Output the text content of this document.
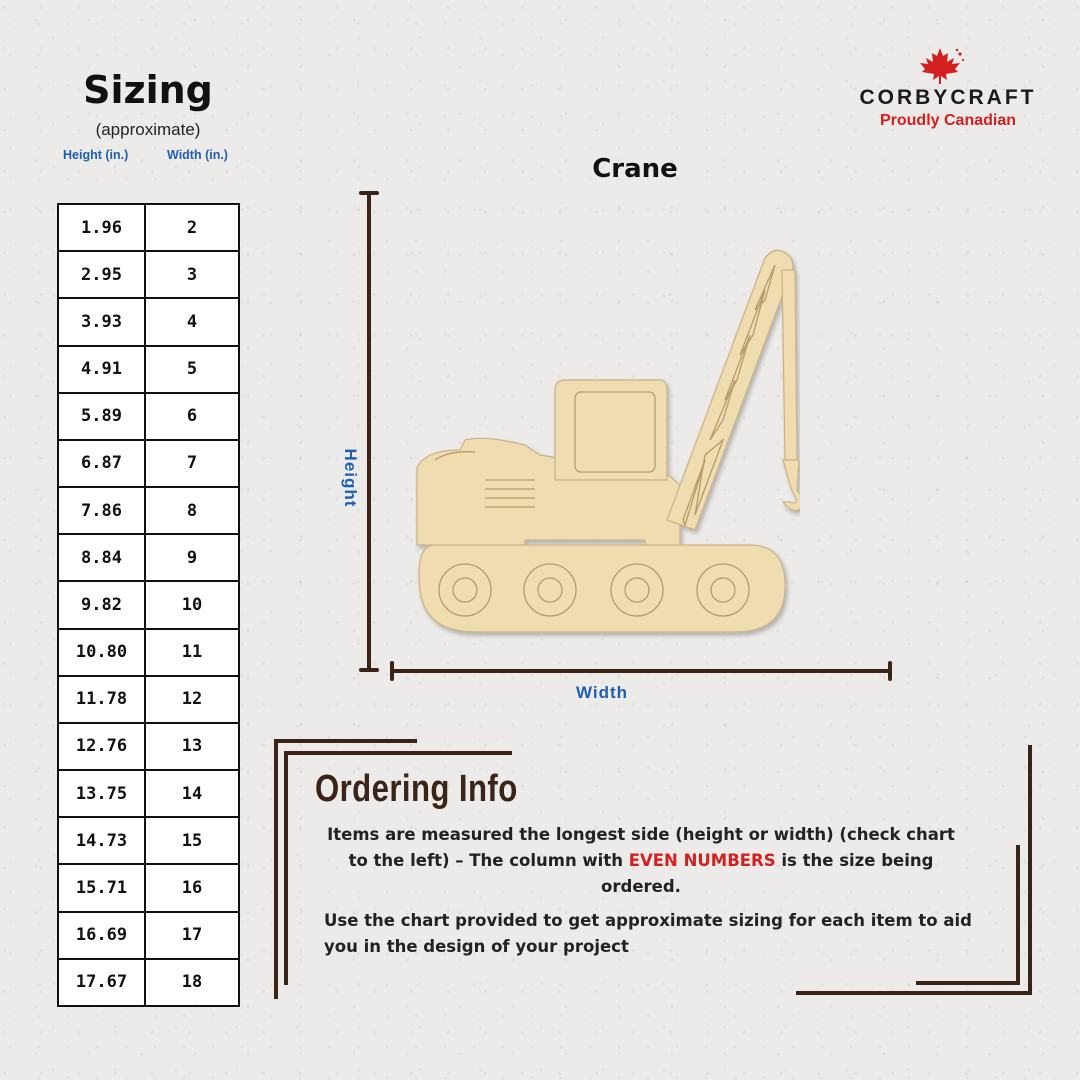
Sizing
(approximate)
Height (in.)	Width (in.)
1.96	2
2.95	3
3.93	4
4.91	5
5.89	6
6.87	7
7.86	8
8.84	9
9.82	10
10.80	11
11.78	12
12.76	13
13.75	14
14.73	15
15.71	16
16.69	17
17.67	18
CORBYCRAFT
Proudly Canadian
Crane
Height
Width
Ordering Info
Items are measured the longest side (height or width) (check chart to the left) – The column with EVEN NUMBERS is the size being ordered.
Use the chart provided to get approximate sizing for each item to aid you in the design of your project
